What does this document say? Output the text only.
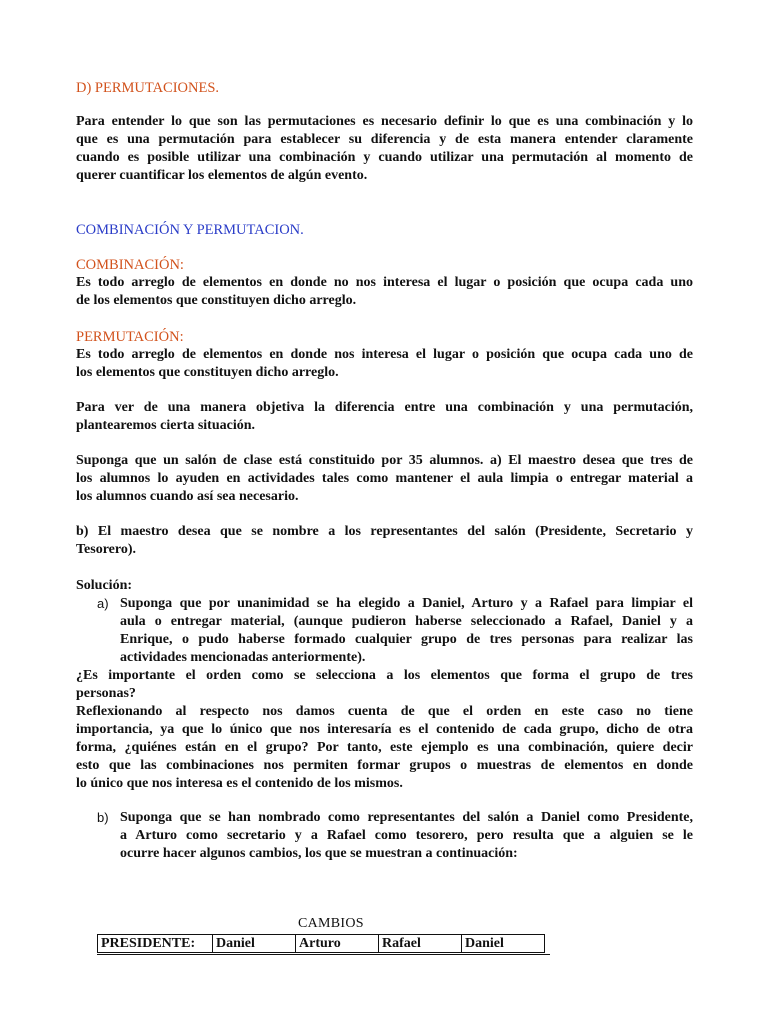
D) PERMUTACIONES.

Para entender lo que son las permutaciones es necesario definir lo que es una combinación y lo
que es una permutación para establecer su diferencia y de esta manera entender claramente
cuando es posible utilizar una combinación y cuando utilizar una permutación al momento de
querer cuantificar los elementos de algún evento.

COMBINACIÓN Y PERMUTACION.

COMBINACIÓN:
Es todo arreglo de elementos en donde no nos interesa el lugar o posición que ocupa cada uno
de los elementos que constituyen dicho arreglo.
PERMUTACIÓN:
Es todo arreglo de elementos en donde nos interesa el lugar o posición que ocupa cada uno de
los elementos que constituyen dicho arreglo.
Para ver de una manera objetiva la diferencia entre una combinación y una permutación,
plantearemos cierta situación.
Suponga que un salón de clase está constituido por 35 alumnos. a) El maestro desea que tres de
los alumnos lo ayuden en actividades tales como mantener el aula limpia o entregar material a
los alumnos cuando así sea necesario.
b) El maestro desea que se nombre a los representantes del salón (Presidente, Secretario y
Tesorero).

Solución:

a) Suponga que por unanimidad se ha elegido a Daniel, Arturo y a Rafael para limpiar el
aula o entregar material, (aunque pudieron haberse seleccionado a Rafael, Daniel y a
Enrique, o pudo haberse formado cualquier grupo de tres personas para realizar las
actividades mencionadas anteriormente).
¿Es importante el orden como se selecciona a los elementos que forma el grupo de tres
personas?
Reflexionando al respecto nos damos cuenta de que el orden en este caso no tiene
importancia, ya que lo único que nos interesaría es el contenido de cada grupo, dicho de otra
forma, ¿quiénes están en el grupo? Por tanto, este ejemplo es una combinación, quiere decir
esto que las combinaciones nos permiten formar grupos o muestras de elementos en donde
lo único que nos interesa es el contenido de los mismos.
b) Suponga que se han nombrado como representantes del salón a Daniel como Presidente,
a Arturo como secretario y a Rafael como tesorero, pero resulta que a alguien se le
ocurre hacer algunos cambios, los que se muestran a continuación:
CAMBIOS
PRESIDENTE:	Daniel	Arturo	Rafael	Daniel
